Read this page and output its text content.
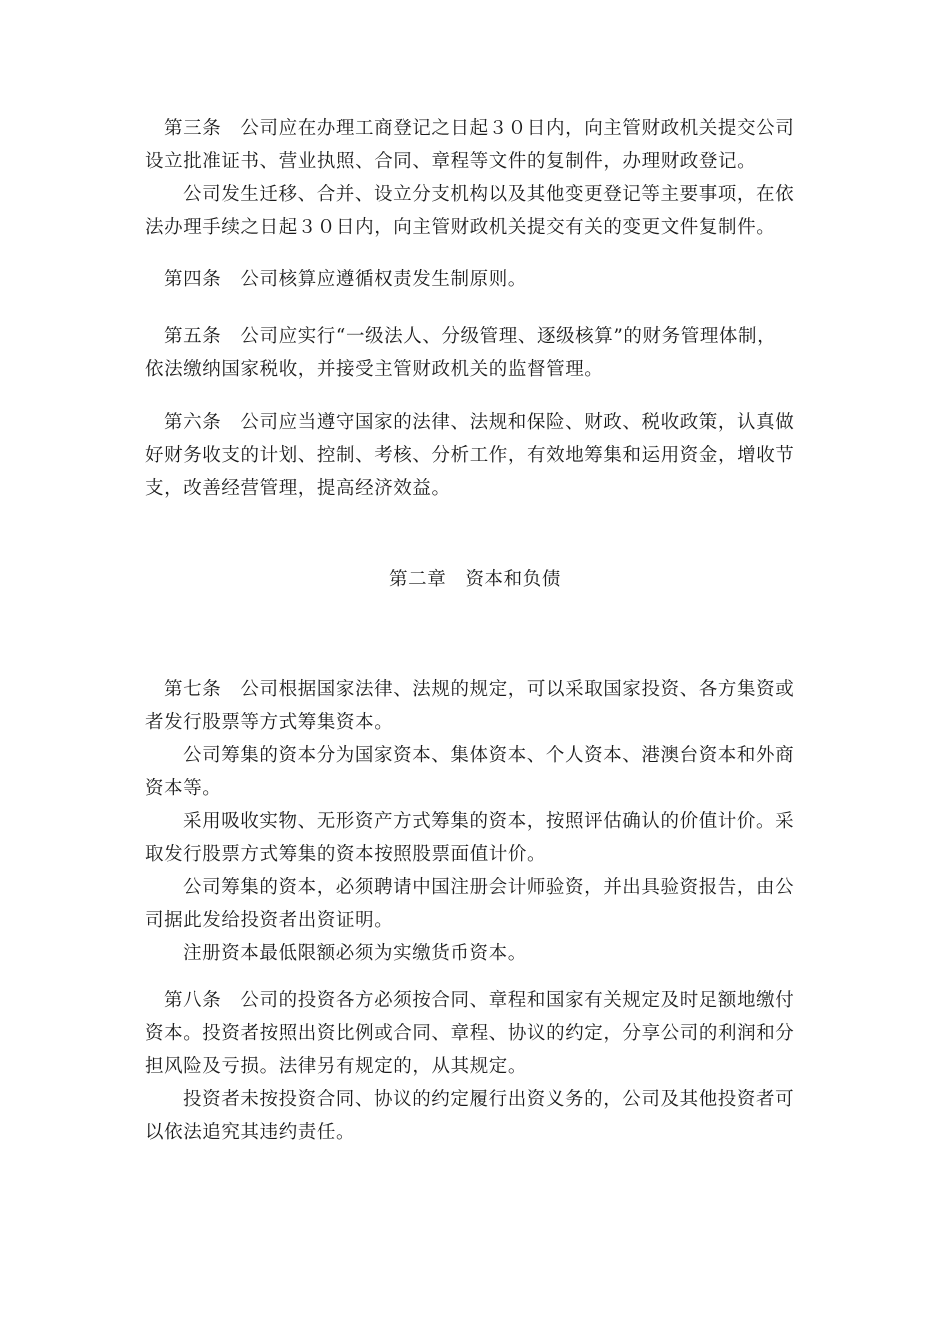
第三条　公司应在办理工商登记之日起３０日内，向主管财政机关提交公司
设立批准证书、营业执照、合同、章程等文件的复制件，办理财政登记。
公司发生迁移、合并、设立分支机构以及其他变更登记等主要事项，在依
法办理手续之日起３０日内，向主管财政机关提交有关的变更文件复制件。
第四条　公司核算应遵循权责发生制原则。
第五条　公司应实行“一级法人、分级管理、逐级核算”的财务管理体制，
依法缴纳国家税收，并接受主管财政机关的监督管理。
第六条　公司应当遵守国家的法律、法规和保险、财政、税收政策，认真做
好财务收支的计划、控制、考核、分析工作，有效地筹集和运用资金，增收节
支，改善经营管理，提高经济效益。
第二章　资本和负债
第七条　公司根据国家法律、法规的规定，可以采取国家投资、各方集资或
者发行股票等方式筹集资本。
公司筹集的资本分为国家资本、集体资本、个人资本、港澳台资本和外商
资本等。
采用吸收实物、无形资产方式筹集的资本，按照评估确认的价值计价。采
取发行股票方式筹集的资本按照股票面值计价。
公司筹集的资本，必须聘请中国注册会计师验资，并出具验资报告，由公
司据此发给投资者出资证明。
注册资本最低限额必须为实缴货币资本。
第八条　公司的投资各方必须按合同、章程和国家有关规定及时足额地缴付
资本。投资者按照出资比例或合同、章程、协议的约定，分享公司的利润和分
担风险及亏损。法律另有规定的，从其规定。
投资者未按投资合同、协议的约定履行出资义务的，公司及其他投资者可
以依法追究其违约责任。
